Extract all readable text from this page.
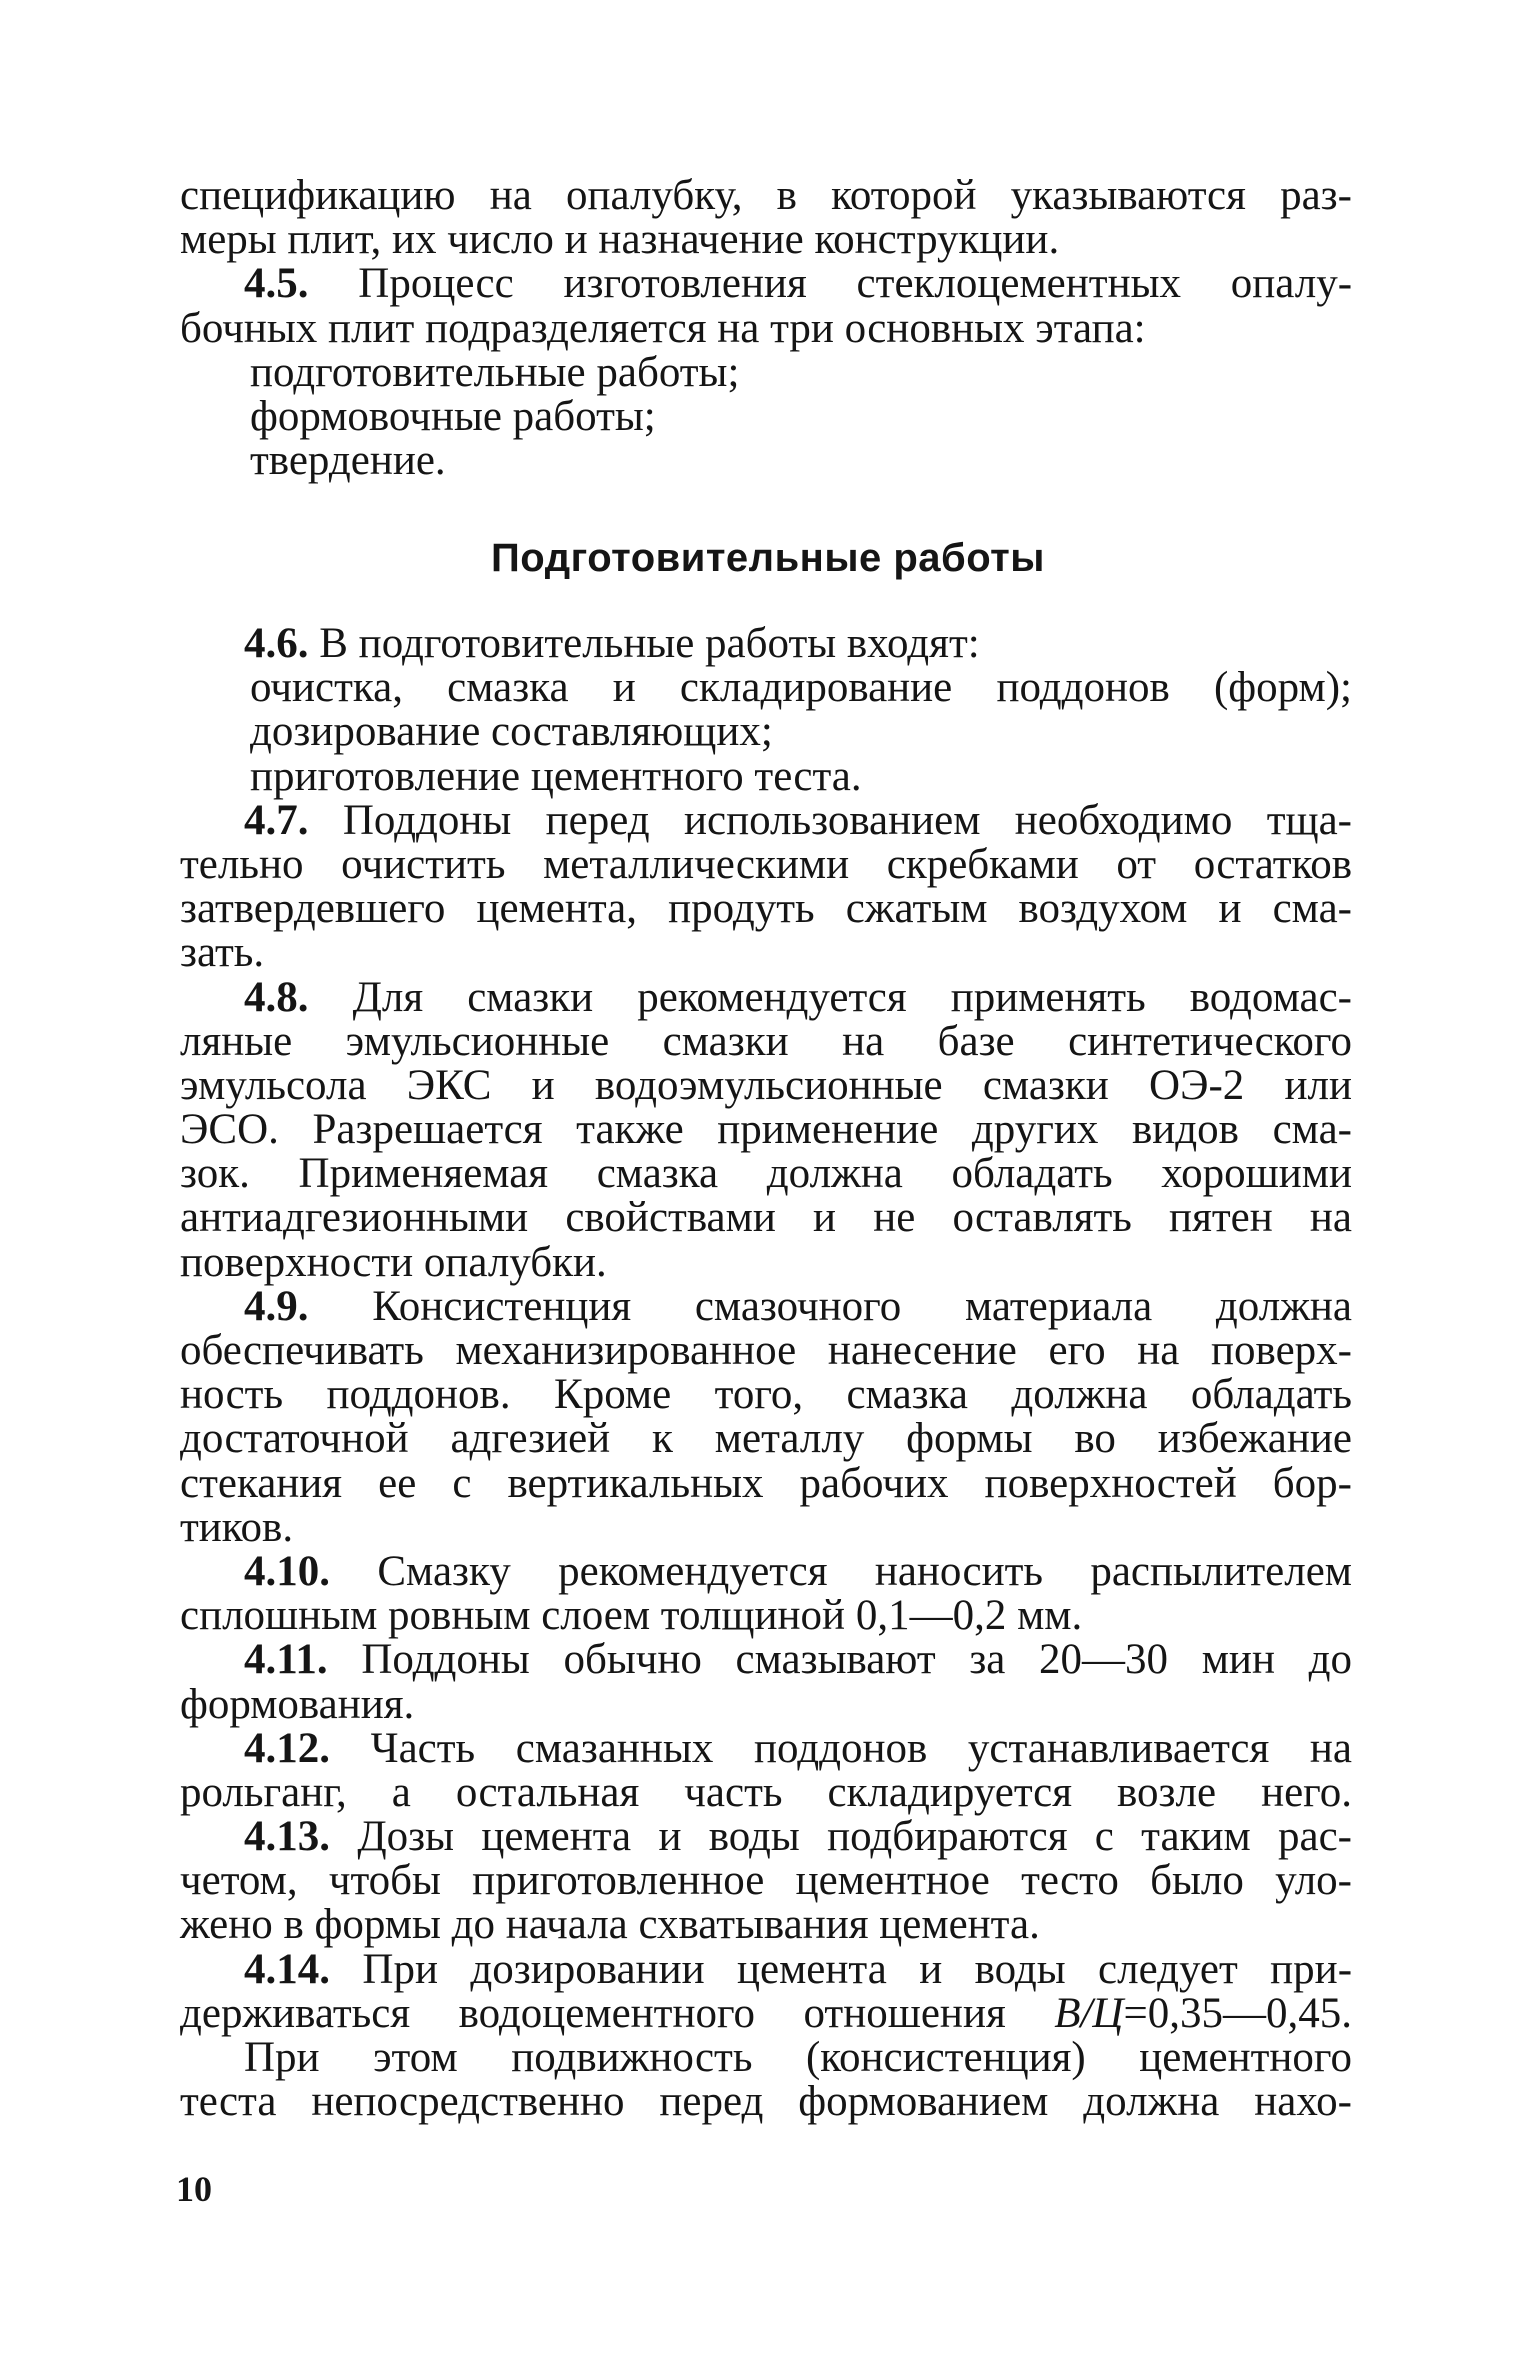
спецификацию на опалубку, в которой указываются раз-
меры плит, их число и назначение конструкции.
4.5. Процесс изготовления стеклоцементных опалу-
бочных плит подразделяется на три основных этапа:
подготовительные работы;
формовочные работы;
твердение.
Подготовительные работы
4.6. В подготовительные работы входят:
очистка, смазка и складирование поддонов (форм);
дозирование составляющих;
приготовление цементного теста.
4.7. Поддоны перед использованием необходимо тща-
тельно очистить металлическими скребками от остатков
затвердевшего цемента, продуть сжатым воздухом и сма-
зать.
4.8. Для смазки рекомендуется применять водомас-
ляные эмульсионные смазки на базе синтетического
эмульсола ЭКС и водоэмульсионные смазки ОЭ-2 или
ЭСО. Разрешается также применение других видов сма-
зок. Применяемая смазка должна обладать хорошими
антиадгезионными свойствами и не оставлять пятен на
поверхности опалубки.
4.9. Консистенция смазочного материала должна
обеспечивать механизированное нанесение его на поверх-
ность поддонов. Кроме того, смазка должна обладать
достаточной адгезией к металлу формы во избежание
стекания ее с вертикальных рабочих поверхностей бор-
тиков.
4.10. Смазку рекомендуется наносить распылителем
сплошным ровным слоем толщиной 0,1—0,2 мм.
4.11. Поддоны обычно смазывают за 20—30 мин до
формования.
4.12. Часть смазанных поддонов устанавливается на
рольганг, а остальная часть складируется возле него.
4.13. Дозы цемента и воды подбираются с таким рас-
четом, чтобы приготовленное цементное тесто было уло-
жено в формы до начала схватывания цемента.
4.14. При дозировании цемента и воды следует при-
держиваться водоцементного отношения В/Ц=0,35—0,45.
При этом подвижность (консистенция) цементного
теста непосредственно перед формованием должна нахо-
10
